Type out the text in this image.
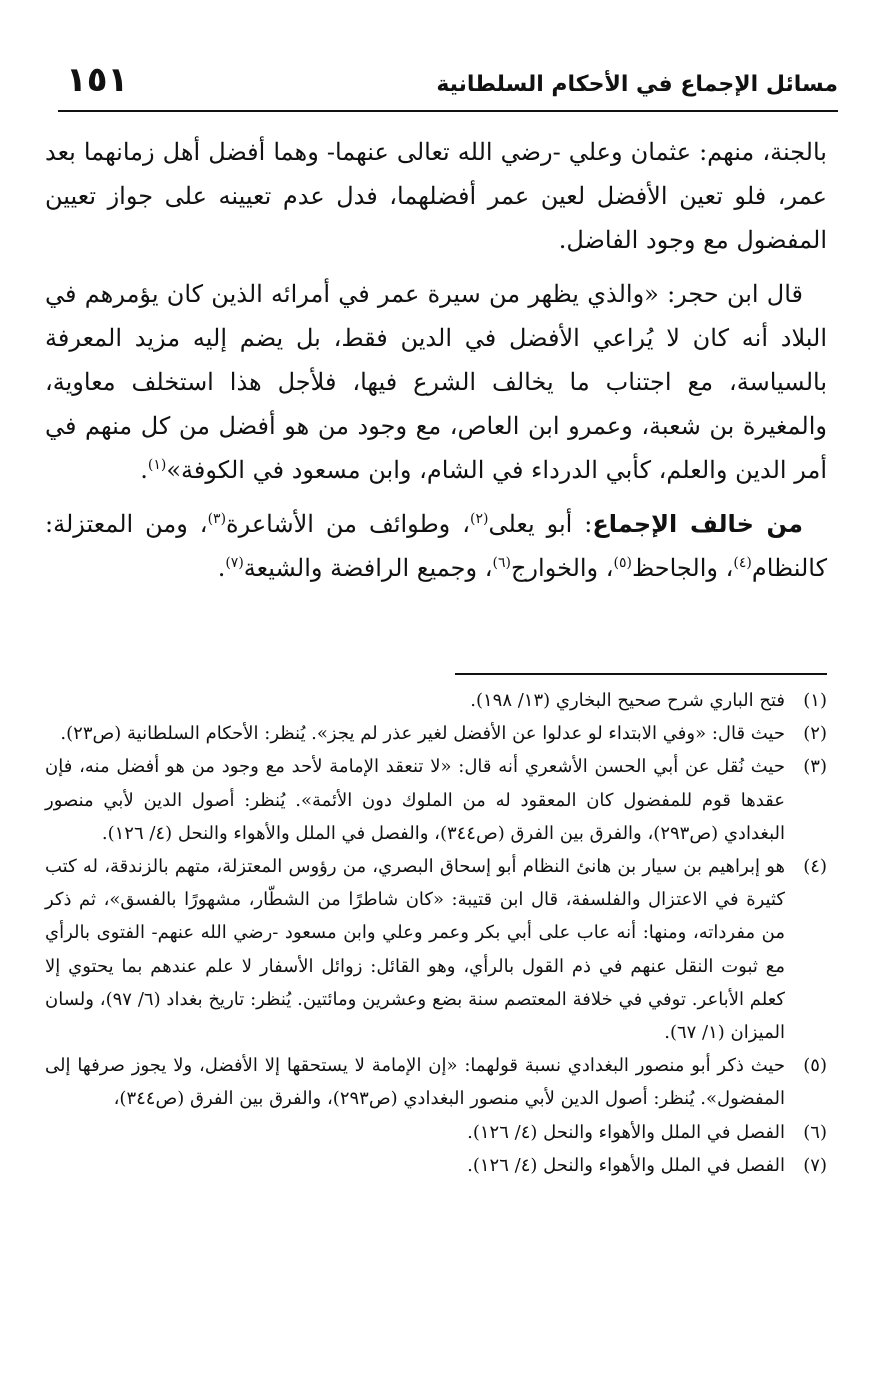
مسائل الإجماع في الأحكام السلطانية
١٥١

بالجنة، منهم: عثمان وعلي -رضي الله تعالى عنهما- وهما أفضل أهل زمانهما بعد عمر، فلو تعين الأفضل لعين عمر أفضلهما، فدل عدم تعيينه على جواز تعيين المفضول مع وجود الفاضل.

قال ابن حجر: «والذي يظهر من سيرة عمر في أمرائه الذين كان يؤمرهم في البلاد أنه كان لا يُراعي الأفضل في الدين فقط، بل يضم إليه مزيد المعرفة بالسياسة، مع اجتناب ما يخالف الشرع فيها، فلأجل هذا استخلف معاوية، والمغيرة بن شعبة، وعمرو ابن العاص، مع وجود من هو أفضل من كل منهم في أمر الدين والعلم، كأبي الدرداء في الشام، وابن مسعود في الكوفة»$^{(١)}$.

من خالف الإجماع: أبو يعلى$^{(٢)}$، وطوائف من الأشاعرة$^{(٣)}$، ومن المعتزلة: كالنظام$^{(٤)}$، والجاحظ$^{(٥)}$، والخوارج$^{(٦)}$، وجميع الرافضة والشيعة$^{(٧)}$.

(١)
فتح الباري شرح صحيح البخاري (١٣/ ١٩٨).
(٢)
حيث قال: «وفي الابتداء لو عدلوا عن الأفضل لغير عذر لم يجز». يُنظر: الأحكام السلطانية (ص٢٣).
(٣)
حيث نُقل عن أبي الحسن الأشعري أنه قال: «لا تنعقد الإمامة لأحد مع وجود من هو أفضل منه، فإن عقدها قوم للمفضول كان المعقود له من الملوك دون الأئمة». يُنظر: أصول الدين لأبي منصور البغدادي (ص٢٩٣)، والفرق بين الفرق (ص٣٤٤)، والفصل في الملل والأهواء والنحل (٤/ ١٢٦).
(٤)
هو إبراهيم بن سيار بن هانئ النظام أبو إسحاق البصري، من رؤوس المعتزلة، متهم بالزندقة، له كتب كثيرة في الاعتزال والفلسفة، قال ابن قتيبة: «كان شاطرًا من الشطّار، مشهورًا بالفسق»، ثم ذكر من مفرداته، ومنها: أنه عاب على أبي بكر وعمر وعلي وابن مسعود -رضي الله عنهم- الفتوى بالرأي مع ثبوت النقل عنهم في ذم القول بالرأي، وهو القائل: زوائل الأسفار لا علم عندهم بما يحتوي إلا كعلم الأباعر. توفي في خلافة المعتصم سنة بضع وعشرين ومائتين. يُنظر: تاريخ بغداد (٦/ ٩٧)، ولسان الميزان (١/ ٦٧).
(٥)
حيث ذكر أبو منصور البغدادي نسبة قولهما: «إن الإمامة لا يستحقها إلا الأفضل، ولا يجوز صرفها إلى المفضول». يُنظر: أصول الدين لأبي منصور البغدادي (ص٢٩٣)، والفرق بين الفرق (ص٣٤٤)،
(٦)
الفصل في الملل والأهواء والنحل (٤/ ١٢٦).
(٧)
الفصل في الملل والأهواء والنحل (٤/ ١٢٦).
